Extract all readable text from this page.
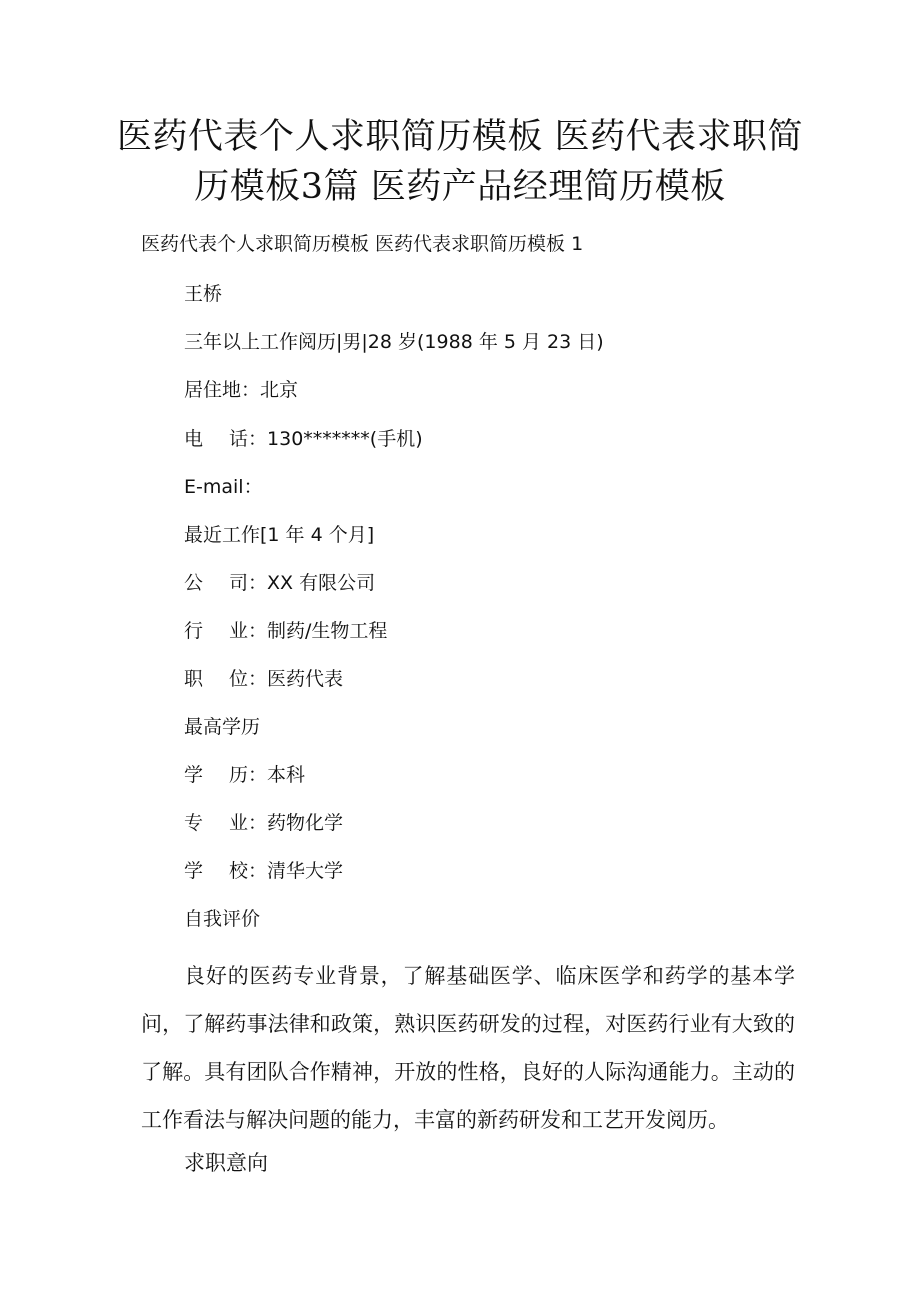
医药代表个人求职简历模板 医药代表求职简历模板3篇 医药产品经理简历模板
医药代表个人求职简历模板 医药代表求职简历模板 1
王桥
三年以上工作阅历|男|28 岁(1988 年 5 月 23 日)
居住地：北京
电 话：130*******(手机)
E-mail：
最近工作[1 年 4 个月]
公 司：XX 有限公司
行 业：制药/生物工程
职 位：医药代表
最高学历
学 历：本科
专 业：药物化学
学 校：清华大学
自我评价

良好的医药专业背景，了解基础医学、临床医学和药学的基本学问，了解药事法律和政策，熟识医药研发的过程，对医药行业有大致的了解。具有团队合作精神，开放的性格，良好的人际沟通能力。主动的工作看法与解决问题的能力，丰富的新药研发和工艺开发阅历。

求职意向
